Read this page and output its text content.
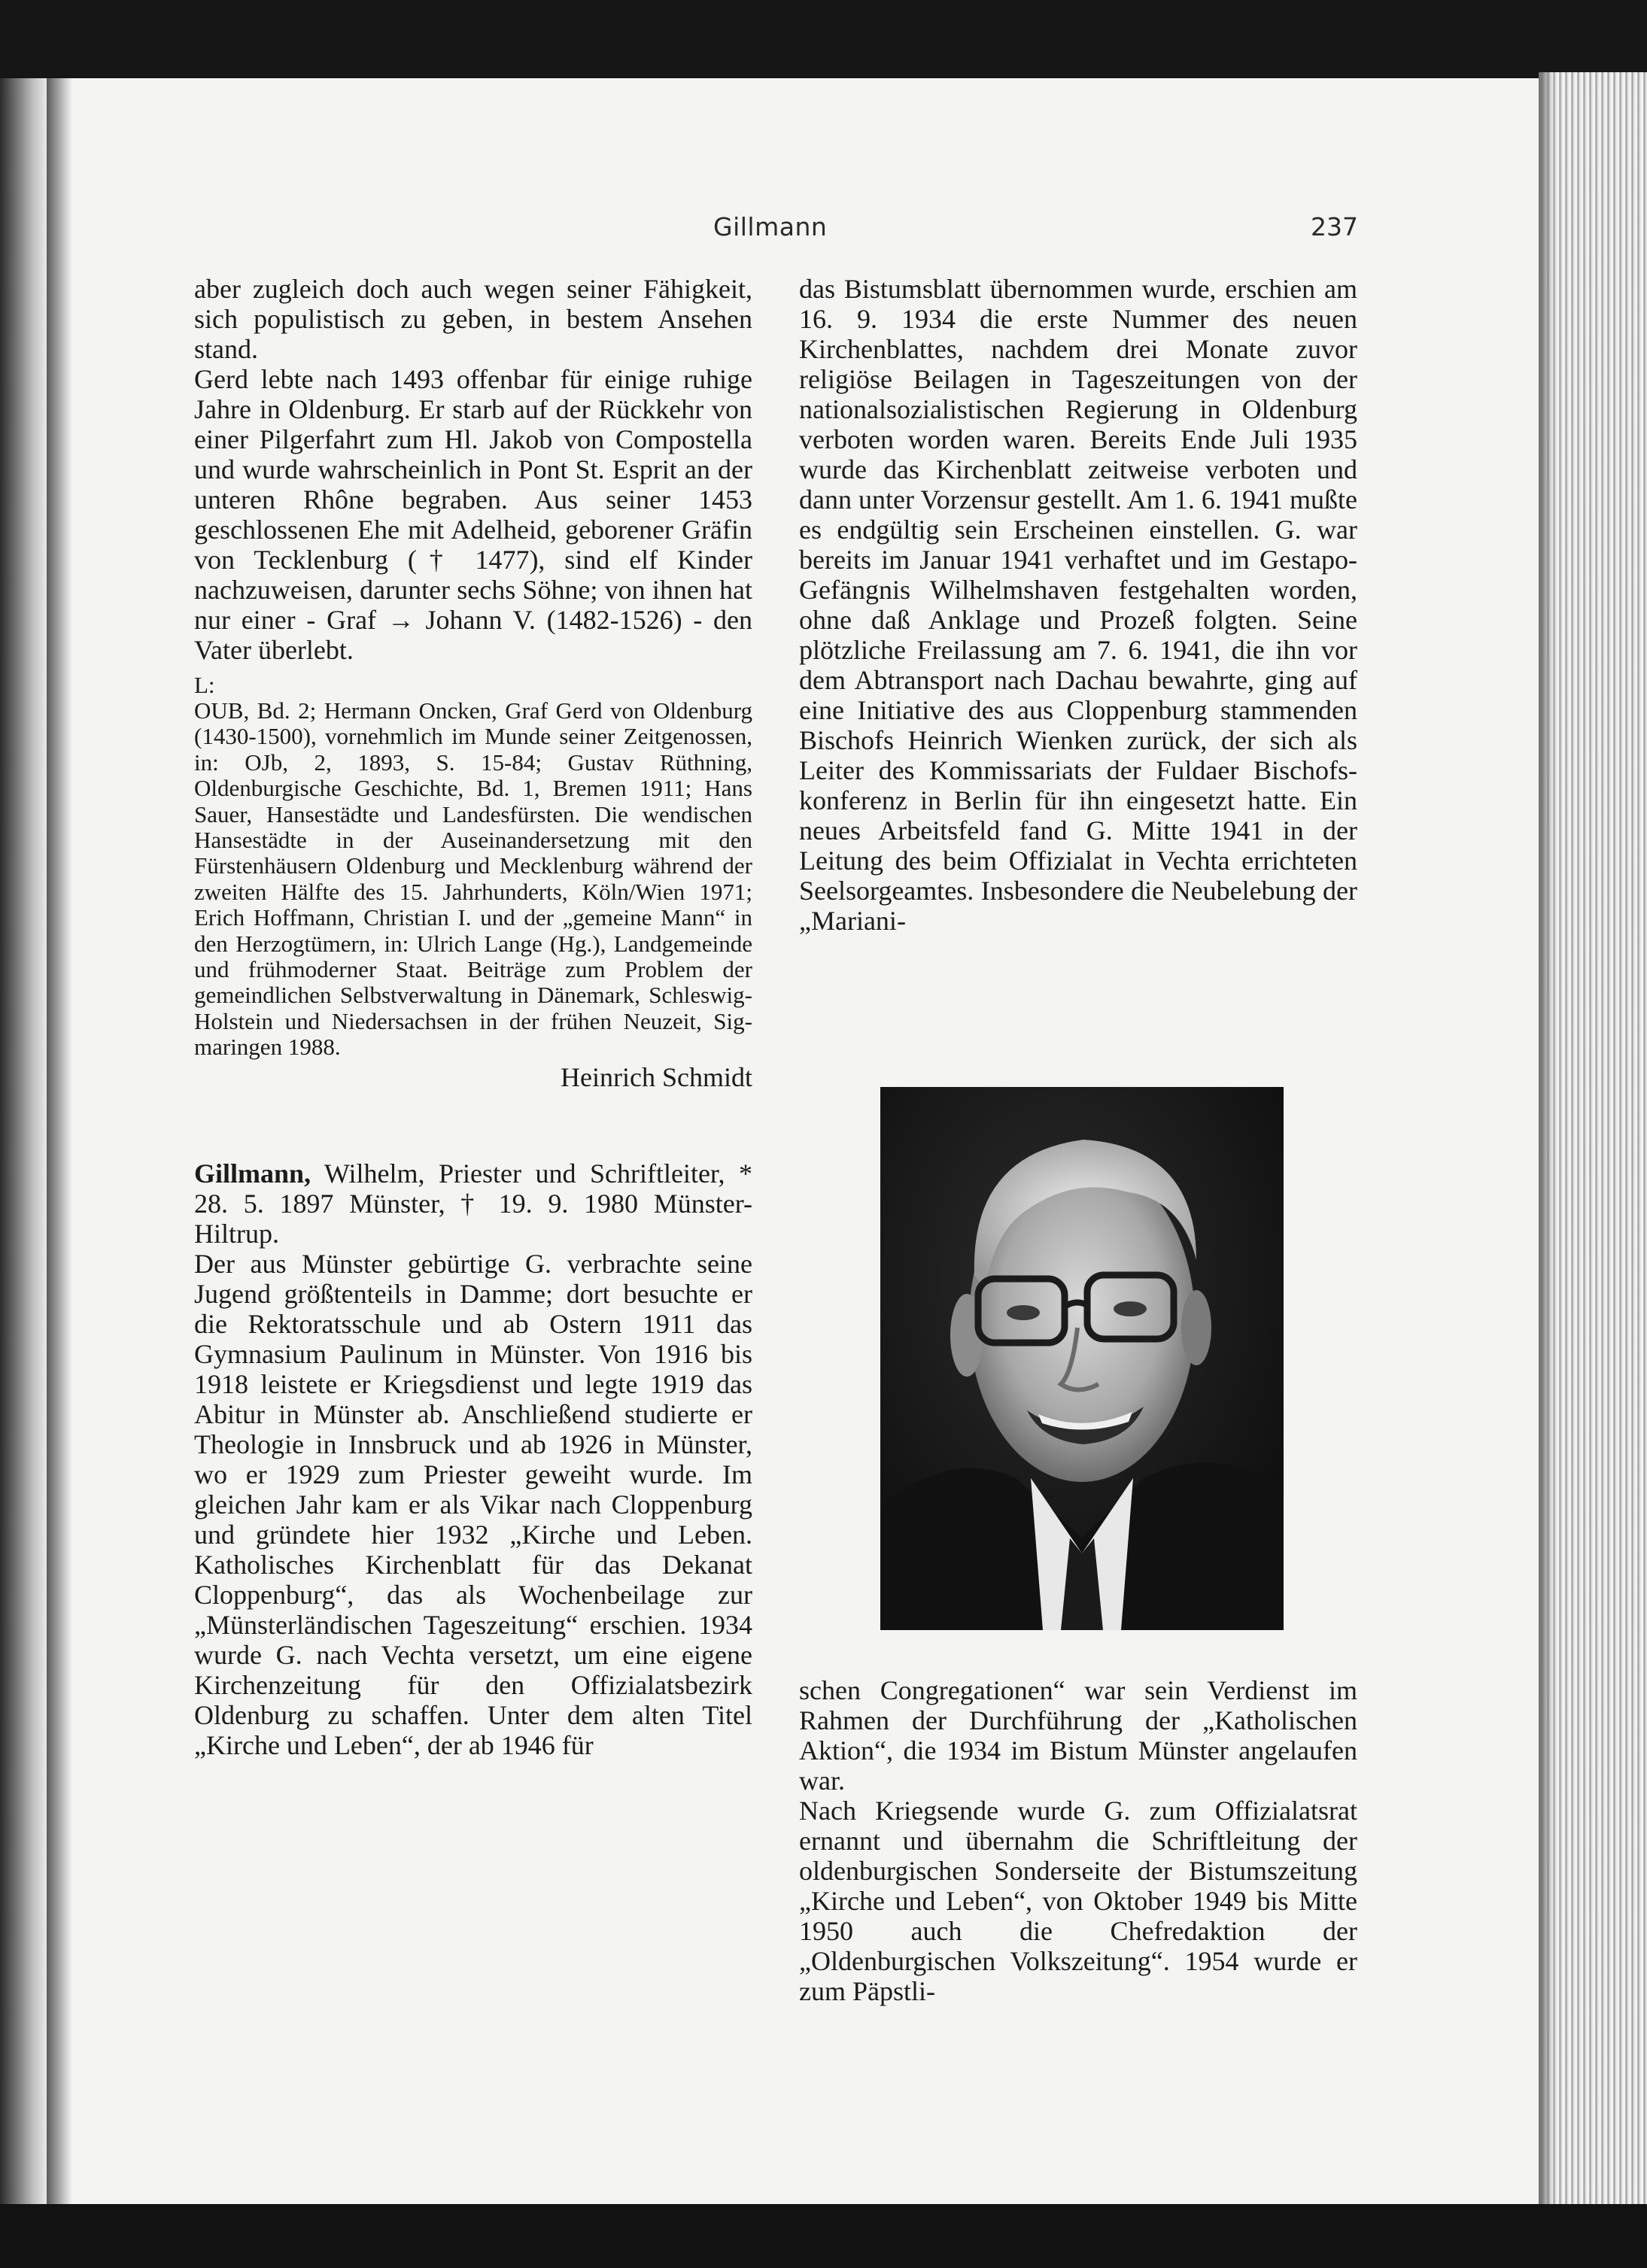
Gillmann	237

aber zugleich doch auch wegen seiner Fähigkeit, sich populistisch zu geben, in bestem Ansehen stand.

Gerd lebte nach 1493 offenbar für einige ruhige Jahre in Oldenburg. Er starb auf der Rückkehr von einer Pilgerfahrt zum Hl. Jakob von Compostella und wurde wahrscheinlich in Pont St. Esprit an der unteren Rhône begraben. Aus seiner 1453 geschlossenen Ehe mit Adelheid, geborener Gräfin von Tecklenburg († 1477), sind elf Kinder nachzuweisen, darunter sechs Söhne; von ihnen hat nur einer - Graf → Johann V. (1482-1526) - den Vater überlebt.

L:

OUB, Bd. 2; Hermann Oncken, Graf Gerd von Oldenburg (1430-1500), vornehmlich im Munde seiner Zeitgenossen, in: OJb, 2, 1893, S. 15-84; Gustav Rüthning, Oldenburgische Geschichte, Bd. 1, Bremen 1911; Hans Sauer, Hansestädte und Landesfürsten. Die wendischen Hansestädte in der Auseinandersetzung mit den Fürstenhäusern Oldenburg und Mecklenburg während der zweiten Hälfte des 15. Jahrhunderts, Köln/Wien 1971; Erich Hoffmann, Christian I. und der „gemeine Mann“ in den Herzogtümern, in: Ulrich Lange (Hg.), Landgemeinde und frühmoderner Staat. Beiträge zum Problem der gemeindlichen Selbstverwaltung in Dänemark, Schleswig-Holstein und Niedersachsen in der frühen Neuzeit, Sigmaringen 1988.

Heinrich Schmidt

Gillmann, Wilhelm, Priester und Schriftleiter, * 28. 5. 1897 Münster, † 19. 9. 1980 Münster-Hiltrup.

Der aus Münster gebürtige G. verbrachte seine Jugend größtenteils in Damme; dort besuchte er die Rektoratsschule und ab Ostern 1911 das Gymnasium Paulinum in Münster. Von 1916 bis 1918 leistete er Kriegsdienst und legte 1919 das Abitur in Münster ab. Anschließend studierte er Theologie in Innsbruck und ab 1926 in Münster, wo er 1929 zum Priester geweiht wurde. Im gleichen Jahr kam er als Vikar nach Cloppenburg und gründete hier 1932 „Kirche und Leben. Katholisches Kirchenblatt für das Dekanat Cloppenburg“, das als Wochenbeilage zur „Münsterländischen Tageszeitung“ erschien. 1934 wurde G. nach Vechta versetzt, um eine eigene Kirchenzeitung für den Offizialatsbezirk Oldenburg zu schaffen. Unter dem alten Titel „Kirche und Leben“, der ab 1946 für

das Bistumsblatt übernommen wurde, erschien am 16. 9. 1934 die erste Nummer des neuen Kirchenblattes, nachdem drei Monate zuvor religiöse Beilagen in Tageszeitungen von der nationalsozialistischen Regierung in Oldenburg verboten worden waren. Bereits Ende Juli 1935 wurde das Kirchenblatt zeitweise verboten und dann unter Vorzensur gestellt. Am 1. 6. 1941 mußte es endgültig sein Erscheinen einstellen. G. war bereits im Januar 1941 verhaftet und im Gestapo-Gefängnis Wilhelmshaven festgehalten worden, ohne daß Anklage und Prozeß folgten. Seine plötzliche Freilassung am 7. 6. 1941, die ihn vor dem Abtransport nach Dachau bewahrte, ging auf eine Initiative des aus Cloppenburg stammenden Bischofs Heinrich Wienken zurück, der sich als Leiter des Kommissariats der Fuldaer Bischofskonferenz in Berlin für ihn eingesetzt hatte. Ein neues Arbeitsfeld fand G. Mitte 1941 in der Leitung des beim Offizialat in Vechta errichteten Seelsorgeamtes. Insbesondere die Neubelebung der „Mariani-

schen Congregationen“ war sein Verdienst im Rahmen der Durchführung der „Katholischen Aktion“, die 1934 im Bistum Münster angelaufen war.

Nach Kriegsende wurde G. zum Offizialatsrat ernannt und übernahm die Schriftleitung der oldenburgischen Sonderseite der Bistumszeitung „Kirche und Leben“, von Oktober 1949 bis Mitte 1950 auch die Chefredaktion der „Oldenburgischen Volkszeitung“. 1954 wurde er zum Päpstli-
